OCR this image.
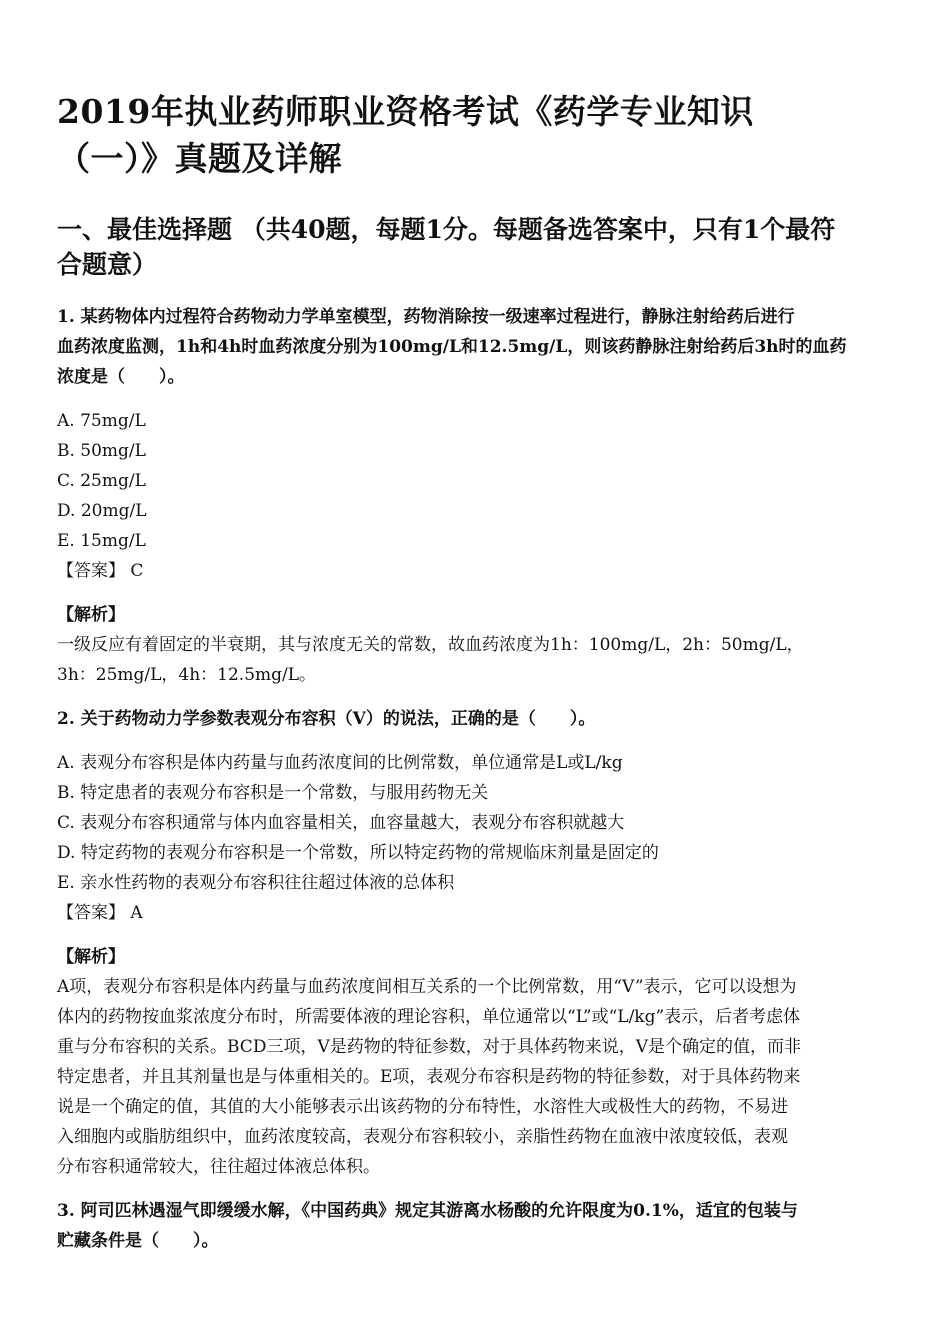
2019年执业药师职业资格考试《药学专业知识
（一）》真题及详解
一、最佳选择题 （共40题，每题1分。每题备选答案中，只有1个最符
合题意）
1. 某药物体内过程符合药物动力学单室模型，药物消除按一级速率过程进行，静脉注射给药后进行
血药浓度监测，1h和4h时血药浓度分别为100mg/L和12.5mg/L，则该药静脉注射给药后3h时的血药
浓度是（　　）。
A. 75mg/L
B. 50mg/L
C. 25mg/L
D. 20mg/L
E. 15mg/L
【答案】 C
【解析】
一级反应有着固定的半衰期，其与浓度无关的常数，故血药浓度为1h：100mg/L，2h：50mg/L，
3h：25mg/L，4h：12.5mg/L。
2. 关于药物动力学参数表观分布容积（V）的说法，正确的是（　　）。
A. 表观分布容积是体内药量与血药浓度间的比例常数，单位通常是L或L/kg
B. 特定患者的表观分布容积是一个常数，与服用药物无关
C. 表观分布容积通常与体内血容量相关，血容量越大，表观分布容积就越大
D. 特定药物的表观分布容积是一个常数，所以特定药物的常规临床剂量是固定的
E. 亲水性药物的表观分布容积往往超过体液的总体积
【答案】 A
【解析】
A项，表观分布容积是体内药量与血药浓度间相互关系的一个比例常数，用“V”表示，它可以设想为
体内的药物按血浆浓度分布时，所需要体液的理论容积，单位通常以“L”或“L/kg”表示，后者考虑体
重与分布容积的关系。BCD三项，V是药物的特征参数，对于具体药物来说，V是个确定的值，而非
特定患者，并且其剂量也是与体重相关的。E项，表观分布容积是药物的特征参数，对于具体药物来
说是一个确定的值，其值的大小能够表示出该药物的分布特性，水溶性大或极性大的药物，不易进
入细胞内或脂肪组织中，血药浓度较高，表观分布容积较小，亲脂性药物在血液中浓度较低，表观
分布容积通常较大，往往超过体液总体积。
3. 阿司匹林遇湿气即缓缓水解，《中国药典》规定其游离水杨酸的允许限度为0.1%，适宜的包装与
贮藏条件是（　　）。
